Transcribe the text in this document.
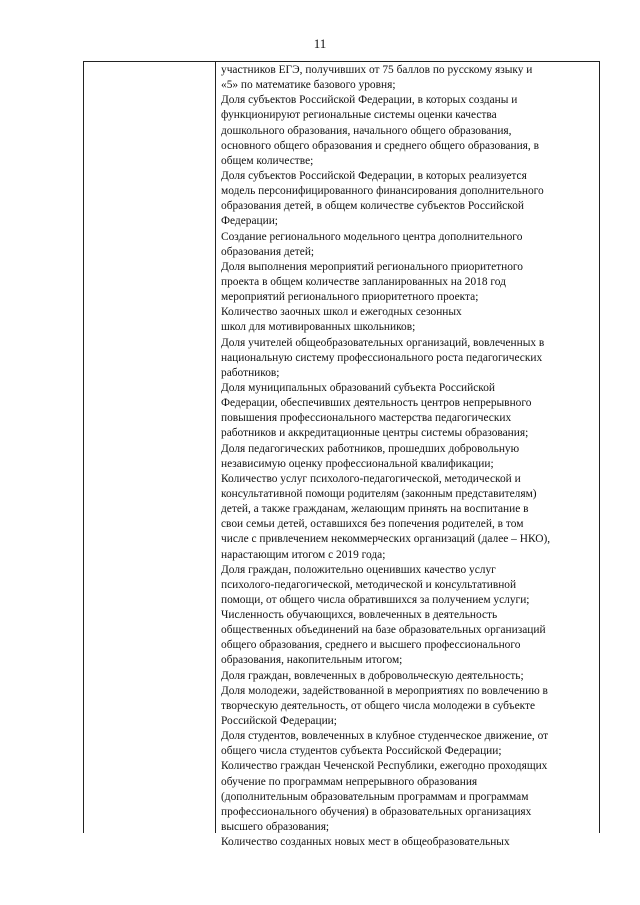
11
участников ЕГЭ, получивших от 75 баллов по русскому языку и
«5» по математике базового уровня;
Доля субъектов Российской Федерации, в которых созданы и
функционируют региональные системы оценки качества
дошкольного образования, начального общего образования,
основного общего образования и среднего общего образования, в
общем количестве;
Доля субъектов Российской Федерации, в которых реализуется
модель персонифицированного финансирования дополнительного
образования детей, в общем количестве субъектов Российской
Федерации;
Создание регионального модельного центра дополнительного
образования детей;
Доля выполнения мероприятий регионального приоритетного
проекта в общем количестве запланированных на 2018 год
мероприятий регионального приоритетного проекта;
Количество заочных школ и ежегодных сезонных
школ для мотивированных школьников;
Доля учителей общеобразовательных организаций, вовлеченных в
национальную систему профессионального роста педагогических
работников;
Доля муниципальных образований субъекта Российской
Федерации, обеспечивших деятельность центров непрерывного
повышения профессионального мастерства педагогических
работников и аккредитационные центры системы образования;
Доля педагогических работников, прошедших добровольную
независимую оценку профессиональной квалификации;
Количество услуг психолого-педагогической, методической и
консультативной помощи родителям (законным представителям)
детей, а также гражданам, желающим принять на воспитание в
свои семьи детей, оставшихся без попечения родителей, в том
числе с привлечением некоммерческих организаций (далее – НКО),
нарастающим итогом с 2019 года;
Доля граждан, положительно оценивших качество услуг
психолого-педагогической, методической и консультативной
помощи, от общего числа обратившихся за получением услуги;
Численность обучающихся, вовлеченных в деятельность
общественных объединений на базе образовательных организаций
общего образования, среднего и высшего профессионального
образования, накопительным итогом;
Доля граждан, вовлеченных в добровольческую деятельность;
Доля молодежи, задействованной в мероприятиях по вовлечению в
творческую деятельность, от общего числа молодежи в субъекте
Российской Федерации;
Доля студентов, вовлеченных в клубное студенческое движение, от
общего числа студентов субъекта Российской Федерации;
Количество граждан Чеченской Республики, ежегодно проходящих
обучение по программам непрерывного образования
(дополнительным образовательным программам и программам
профессионального обучения) в образовательных организациях
высшего образования;
Количество созданных новых мест в общеобразовательных
